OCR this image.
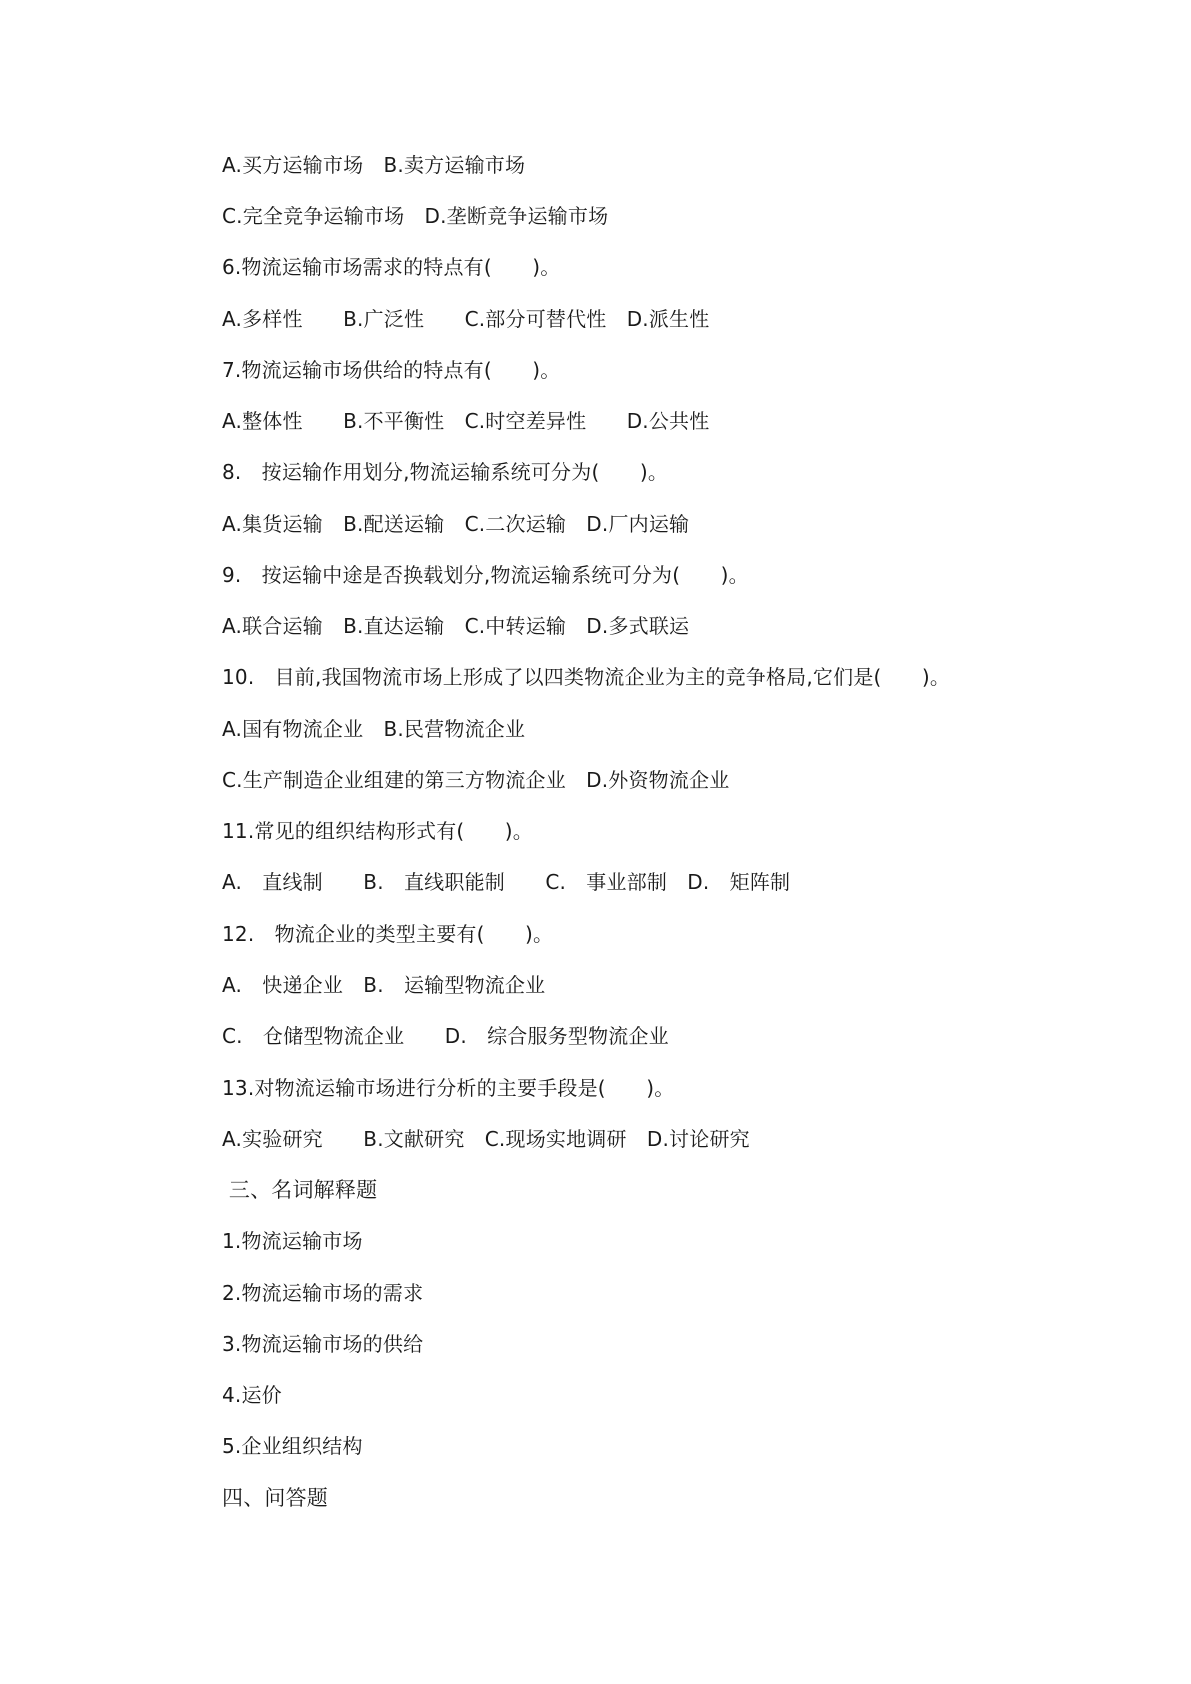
A.买方运输市场　B.卖方运输市场
C.完全竞争运输市场　D.垄断竞争运输市场
6.物流运输市场需求的特点有(　　)。
A.多样性　　B.广泛性　　C.部分可替代性　D.派生性
7.物流运输市场供给的特点有(　　)。
A.整体性　　B.不平衡性　C.时空差异性　　D.公共性
8.　按运输作用划分,物流运输系统可分为(　　)。
A.集货运输　B.配送运输　C.二次运输　D.厂内运输
9.　按运输中途是否换载划分,物流运输系统可分为(　　)。
A.联合运输　B.直达运输　C.中转运输　D.多式联运
10.　目前,我国物流市场上形成了以四类物流企业为主的竞争格局,它们是(　　)。
A.国有物流企业　B.民营物流企业
C.生产制造企业组建的第三方物流企业　D.外资物流企业
11.常见的组织结构形式有(　　)。
A.　直线制　　B.　直线职能制　　C.　事业部制　D.　矩阵制
12.　物流企业的类型主要有(　　)。
A.　快递企业　B.　运输型物流企业
C.　仓储型物流企业　　D.　综合服务型物流企业
13.对物流运输市场进行分析的主要手段是(　　)。
A.实验研究　　B.文献研究　C.现场实地调研　D.讨论研究
三、名词解释题
1.物流运输市场
2.物流运输市场的需求
3.物流运输市场的供给
4.运价
5.企业组织结构
四、问答题
